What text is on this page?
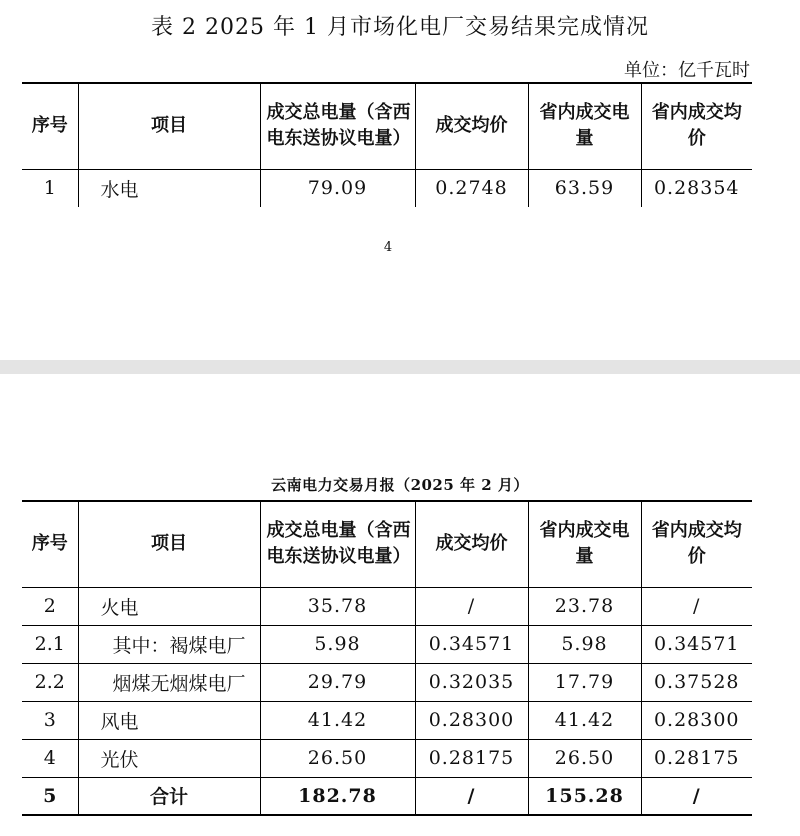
表 2 2025 年 1 月市场化电厂交易结果完成情况
单位：亿千瓦时
序号	项目	成交总电量（含西电东送协议电量）	成交均价	省内成交电量	省内成交均价
1	水电	79.09	0.2748	63.59	0.28354
4
云南电力交易月报（2025 年 2 月）
序号	项目	成交总电量（含西电东送协议电量）	成交均价	省内成交电量	省内成交均价
2	火电	35.78	/	23.78	/
2.1	其中：褐煤电厂	5.98	0.34571	5.98	0.34571
2.2	烟煤无烟煤电厂	29.79	0.32035	17.79	0.37528
3	风电	41.42	0.28300	41.42	0.28300
4	光伏	26.50	0.28175	26.50	0.28175
5	合计	182.78	/	155.28	/
